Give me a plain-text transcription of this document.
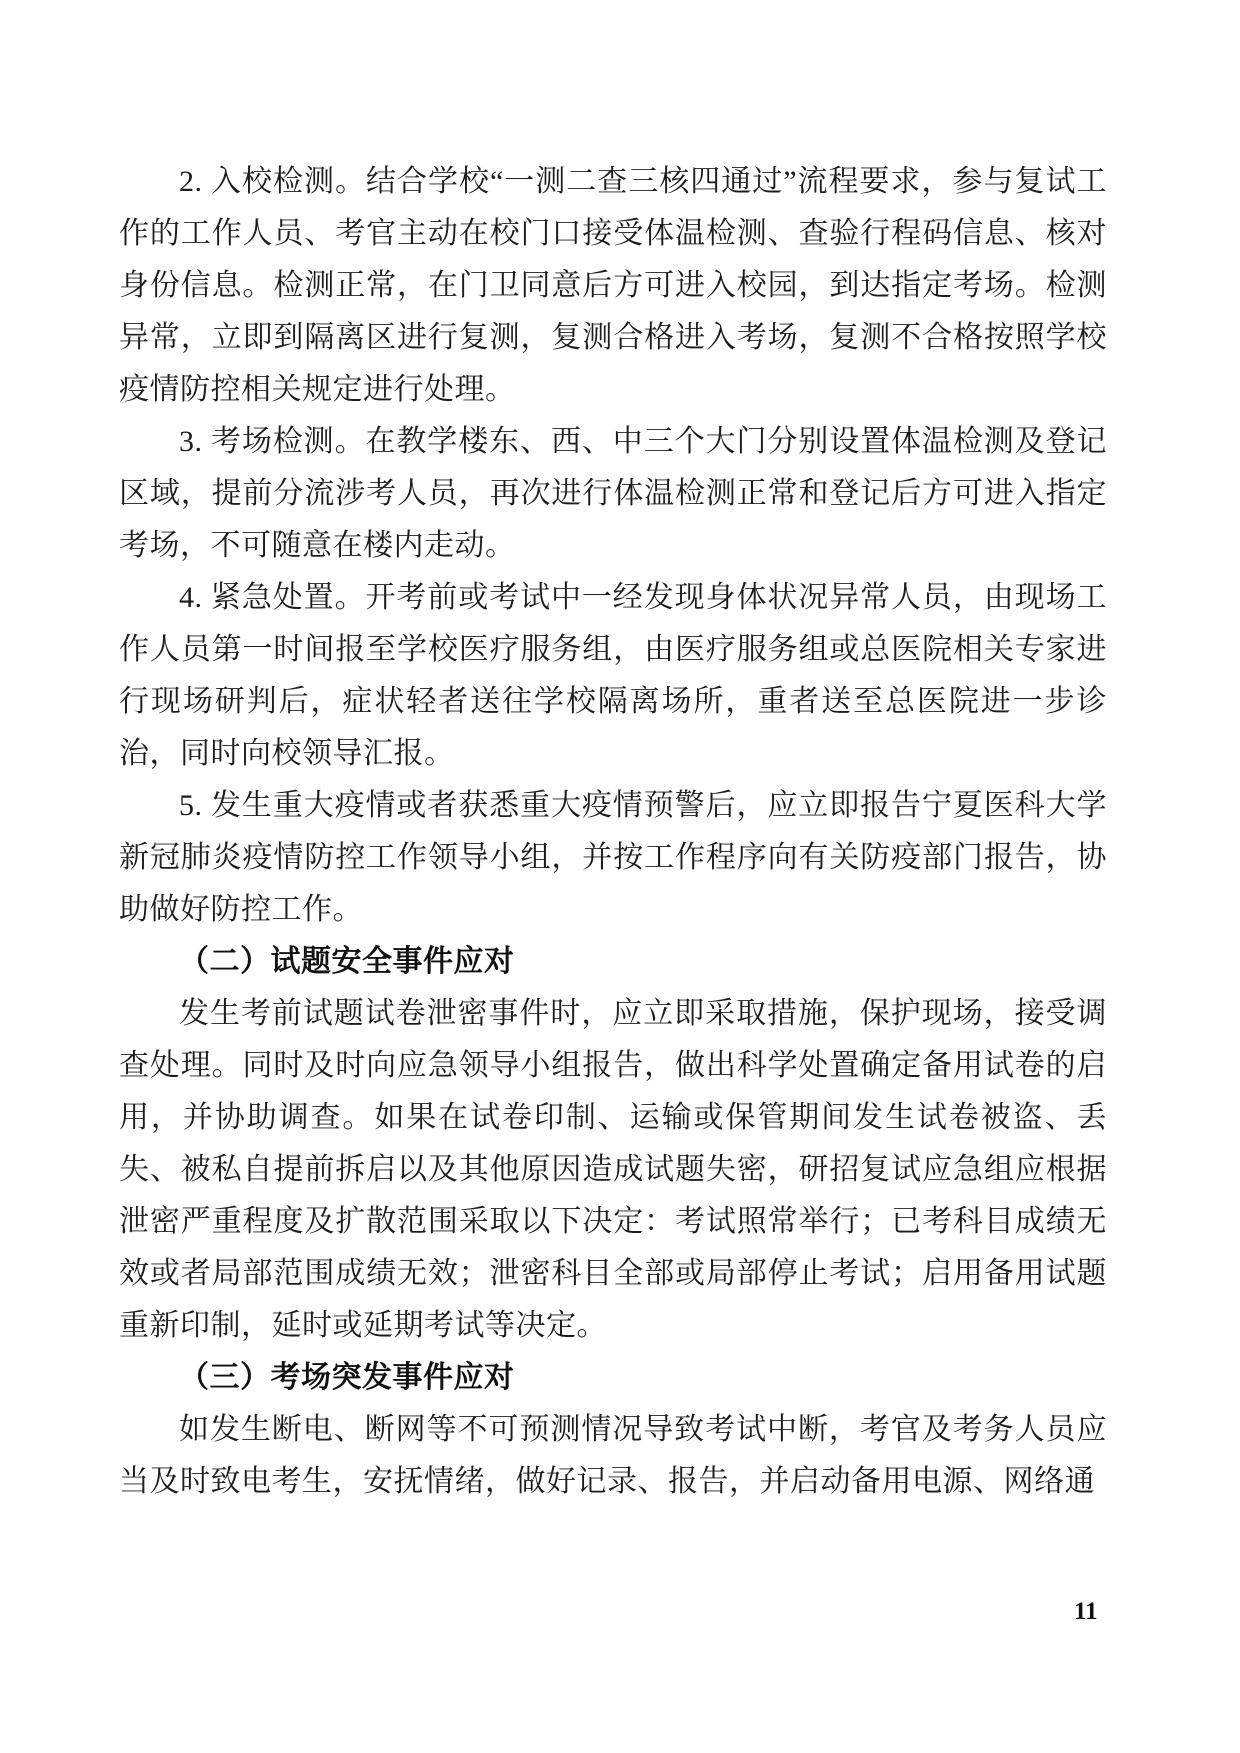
2. 入校检测。结合学校“一测二查三核四通过”流程要求，参与复试工作的工作人员、考官主动在校门口接受体温检测、查验行程码信息、核对身份信息。检测正常，在门卫同意后方可进入校园，到达指定考场。检测异常，立即到隔离区进行复测，复测合格进入考场，复测不合格按照学校疫情防控相关规定进行处理。

3. 考场检测。在教学楼东、西、中三个大门分别设置体温检测及登记区域，提前分流涉考人员，再次进行体温检测正常和登记后方可进入指定考场，不可随意在楼内走动。

4. 紧急处置。开考前或考试中一经发现身体状况异常人员，由现场工作人员第一时间报至学校医疗服务组，由医疗服务组或总医院相关专家进行现场研判后，症状轻者送往学校隔离场所，重者送至总医院进一步诊治，同时向校领导汇报。

5. 发生重大疫情或者获悉重大疫情预警后，应立即报告宁夏医科大学新冠肺炎疫情防控工作领导小组，并按工作程序向有关防疫部门报告，协助做好防控工作。

（二）试题安全事件应对

发生考前试题试卷泄密事件时，应立即采取措施，保护现场，接受调查处理。同时及时向应急领导小组报告，做出科学处置确定备用试卷的启用，并协助调查。如果在试卷印制、运输或保管期间发生试卷被盗、丢失、被私自提前拆启以及其他原因造成试题失密，研招复试应急组应根据泄密严重程度及扩散范围采取以下决定：考试照常举行；已考科目成绩无效或者局部范围成绩无效；泄密科目全部或局部停止考试；启用备用试题重新印制，延时或延期考试等决定。

（三）考场突发事件应对

如发生断电、断网等不可预测情况导致考试中断，考官及考务人员应当及时致电考生，安抚情绪，做好记录、报告，并启动备用电源、网络通

11
